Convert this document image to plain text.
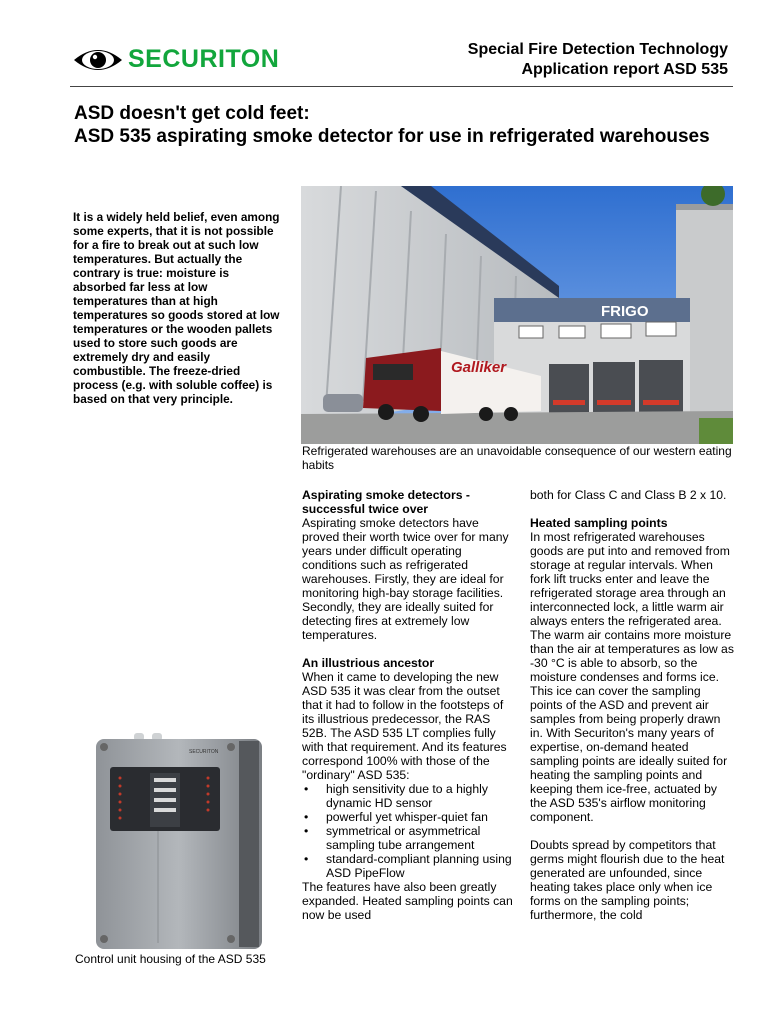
SECURITON	Special Fire Detection Technology
Application report ASD 535
ASD doesn't get cold feet:
ASD 535 aspirating smoke detector for use in refrigerated warehouses
It is a widely held belief, even among some experts, that it is not possible for a fire to break out at such low temperatures. But actually the contrary is true: moisture is absorbed far less at low temperatures than at high temperatures so goods stored at low temperatures or the wooden pallets used to store such goods are extremely dry and easily combustible. The freeze-dried process (e.g. with soluble coffee) is based on that very principle.
FRIGO
Galliker
Refrigerated warehouses are an unavoidable consequence of our western eating habits

Aspirating smoke detectors - successful twice over
Aspirating smoke detectors have proved their worth twice over for many years under difficult operating conditions such as refrigerated warehouses. Firstly, they are ideal for monitoring high-bay storage facilities. Secondly, they are ideally suited for detecting fires at extremely low temperatures.

An illustrious ancestor
When it came to developing the new ASD 535 it was clear from the outset that it had to follow in the footsteps of its illustrious predecessor, the RAS 52B. The ASD 535 LT complies fully with that requirement. And its features correspond 100% with those of the "ordinary" ASD 535:

• high sensitivity due to a highly dynamic HD sensor
• powerful yet whisper-quiet fan
• symmetrical or asymmetrical sampling tube arrangement
• standard-compliant planning using ASD PipeFlow
The features have also been greatly expanded. Heated sampling points can now be used

both for Class C and Class B 2 x 10.

Heated sampling points
In most refrigerated warehouses goods are put into and removed from storage at regular intervals. When fork lift trucks enter and leave the refrigerated storage area through an interconnected lock, a little warm air always enters the refrigerated area. The warm air contains more moisture than the air at temperatures as low as -30 °C is able to absorb, so the moisture condenses and forms ice. This ice can cover the sampling points of the ASD and prevent air samples from being properly drawn in. With Securiton's many years of expertise, on-demand heated sampling points are ideally suited for heating the sampling points and keeping them ice-free, actuated by the ASD 535's airflow monitoring component.

Doubts spread by competitors that germs might flourish due to the heat generated are unfounded, since heating takes place only when ice forms on the sampling points; furthermore, the cold

SECURITON
Control unit housing of the ASD 535
